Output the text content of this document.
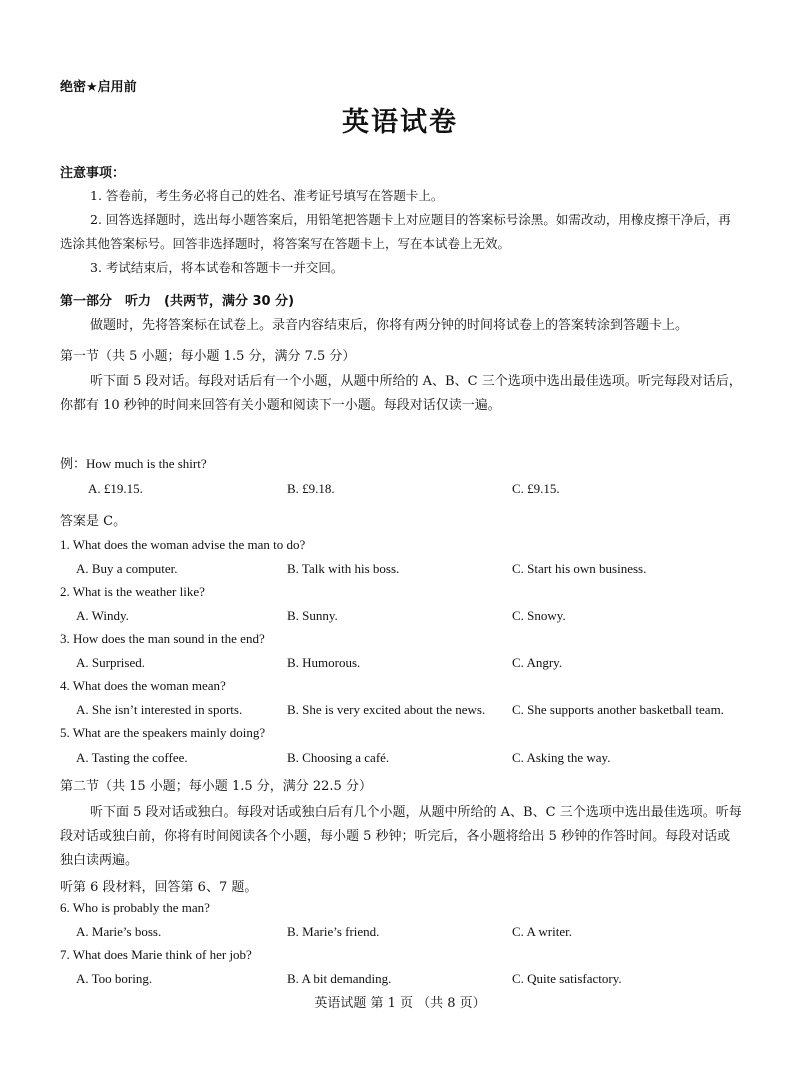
绝密★启用前
英语试卷
注意事项：
1. 答卷前，考生务必将自己的姓名、准考证号填写在答题卡上。
2. 回答选择题时，选出每小题答案后，用铅笔把答题卡上对应题目的答案标号涂黑。如需改动，用橡皮擦干净后，再选涂其他答案标号。回答非选择题时，将答案写在答题卡上，写在本试卷上无效。
3. 考试结束后，将本试卷和答题卡一并交回。
第一部分　听力　(共两节，满分 30 分)
做题时，先将答案标在试卷上。录音内容结束后，你将有两分钟的时间将试卷上的答案转涂到答题卡上。
第一节（共 5 小题；每小题 1.5 分，满分 7.5 分）
听下面 5 段对话。每段对话后有一个小题，从题中所给的 A、B、C 三个选项中选出最佳选项。听完每段对话后，你都有 10 秒钟的时间来回答有关小题和阅读下一小题。每段对话仅读一遍。
例：How much is the shirt?
A. £19.15.	B. £9.18.	C. £9.15.
答案是 C。
1. What does the woman advise the man to do?
A. Buy a computer.	B. Talk with his boss.	C. Start his own business.
2. What is the weather like?
A. Windy.	B. Sunny.	C. Snowy.
3. How does the man sound in the end?
A. Surprised.	B. Humorous.	C. Angry.
4. What does the woman mean?
A. She isn’t interested in sports.	B. She is very excited about the news. C. She supports another basketball team.
5. What are the speakers mainly doing?
A. Tasting the coffee.	B. Choosing a café.	C. Asking the way.
第二节（共 15 小题；每小题 1.5 分，满分 22.5 分）
听下面 5 段对话或独白。每段对话或独白后有几个小题，从题中所给的 A、B、C 三个选项中选出最佳选项。听每段对话或独白前，你将有时间阅读各个小题，每小题 5 秒钟；听完后，各小题将给出 5 秒钟的作答时间。每段对话或独白读两遍。
听第 6 段材料，回答第 6、7 题。
6. Who is probably the man?
A. Marie’s boss.	B. Marie’s friend.	C. A writer.
7. What does Marie think of her job?
A. Too boring.	B. A bit demanding.	C. Quite satisfactory.
英语试题 第 1 页 （共 8 页）
